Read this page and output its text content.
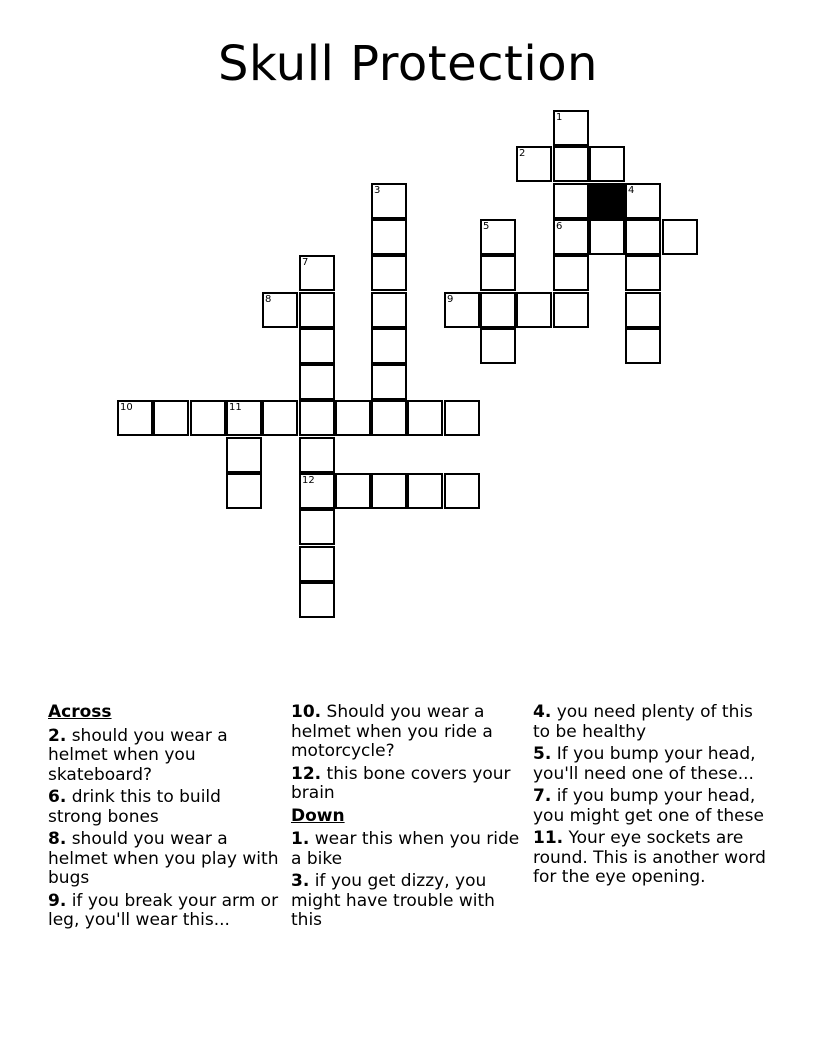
Skull Protection
1
2
3	4
5	6
7
8	9
10	11
12
Across
2. should you wear a helmet when you skateboard?
6. drink this to build strong bones
8. should you wear a helmet when you play with bugs
9. if you break your arm or leg, you'll wear this...
10. Should you wear a helmet when you ride a motorcycle?
12. this bone covers your brain
Down
1. wear this when you ride a bike
3. if you get dizzy, you might have trouble with this
4. you need plenty of this to be healthy
5. If you bump your head, you'll need one of these...
7. if you bump your head, you might get one of these
11. Your eye sockets are round. This is another word for the eye opening.
